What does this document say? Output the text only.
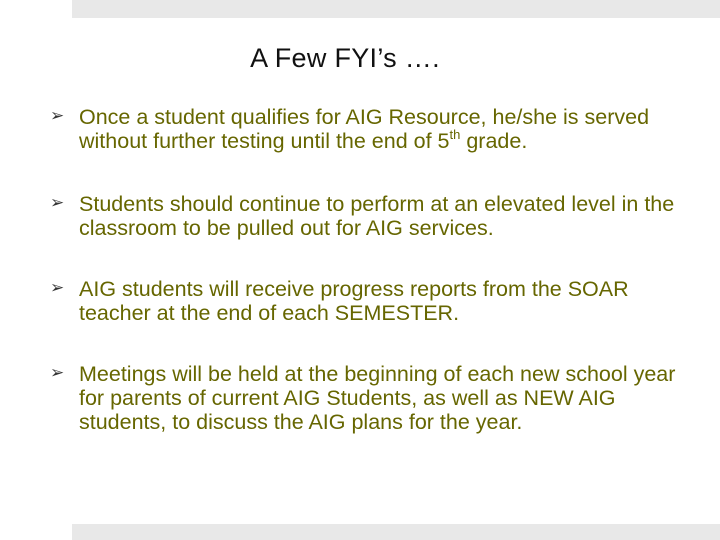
A Few FYI’s ….
➢ Once a student qualifies for AIG Resource, he/she is served without further testing until the end of 5th grade.
➢ Students should continue to perform at an elevated level in the classroom to be pulled out for AIG services.
➢ AIG students will receive progress reports from the SOAR teacher at the end of each SEMESTER.
➢ Meetings will be held at the beginning of each new school year for parents of current AIG Students, as well as NEW AIG students, to discuss the AIG plans for the year.
